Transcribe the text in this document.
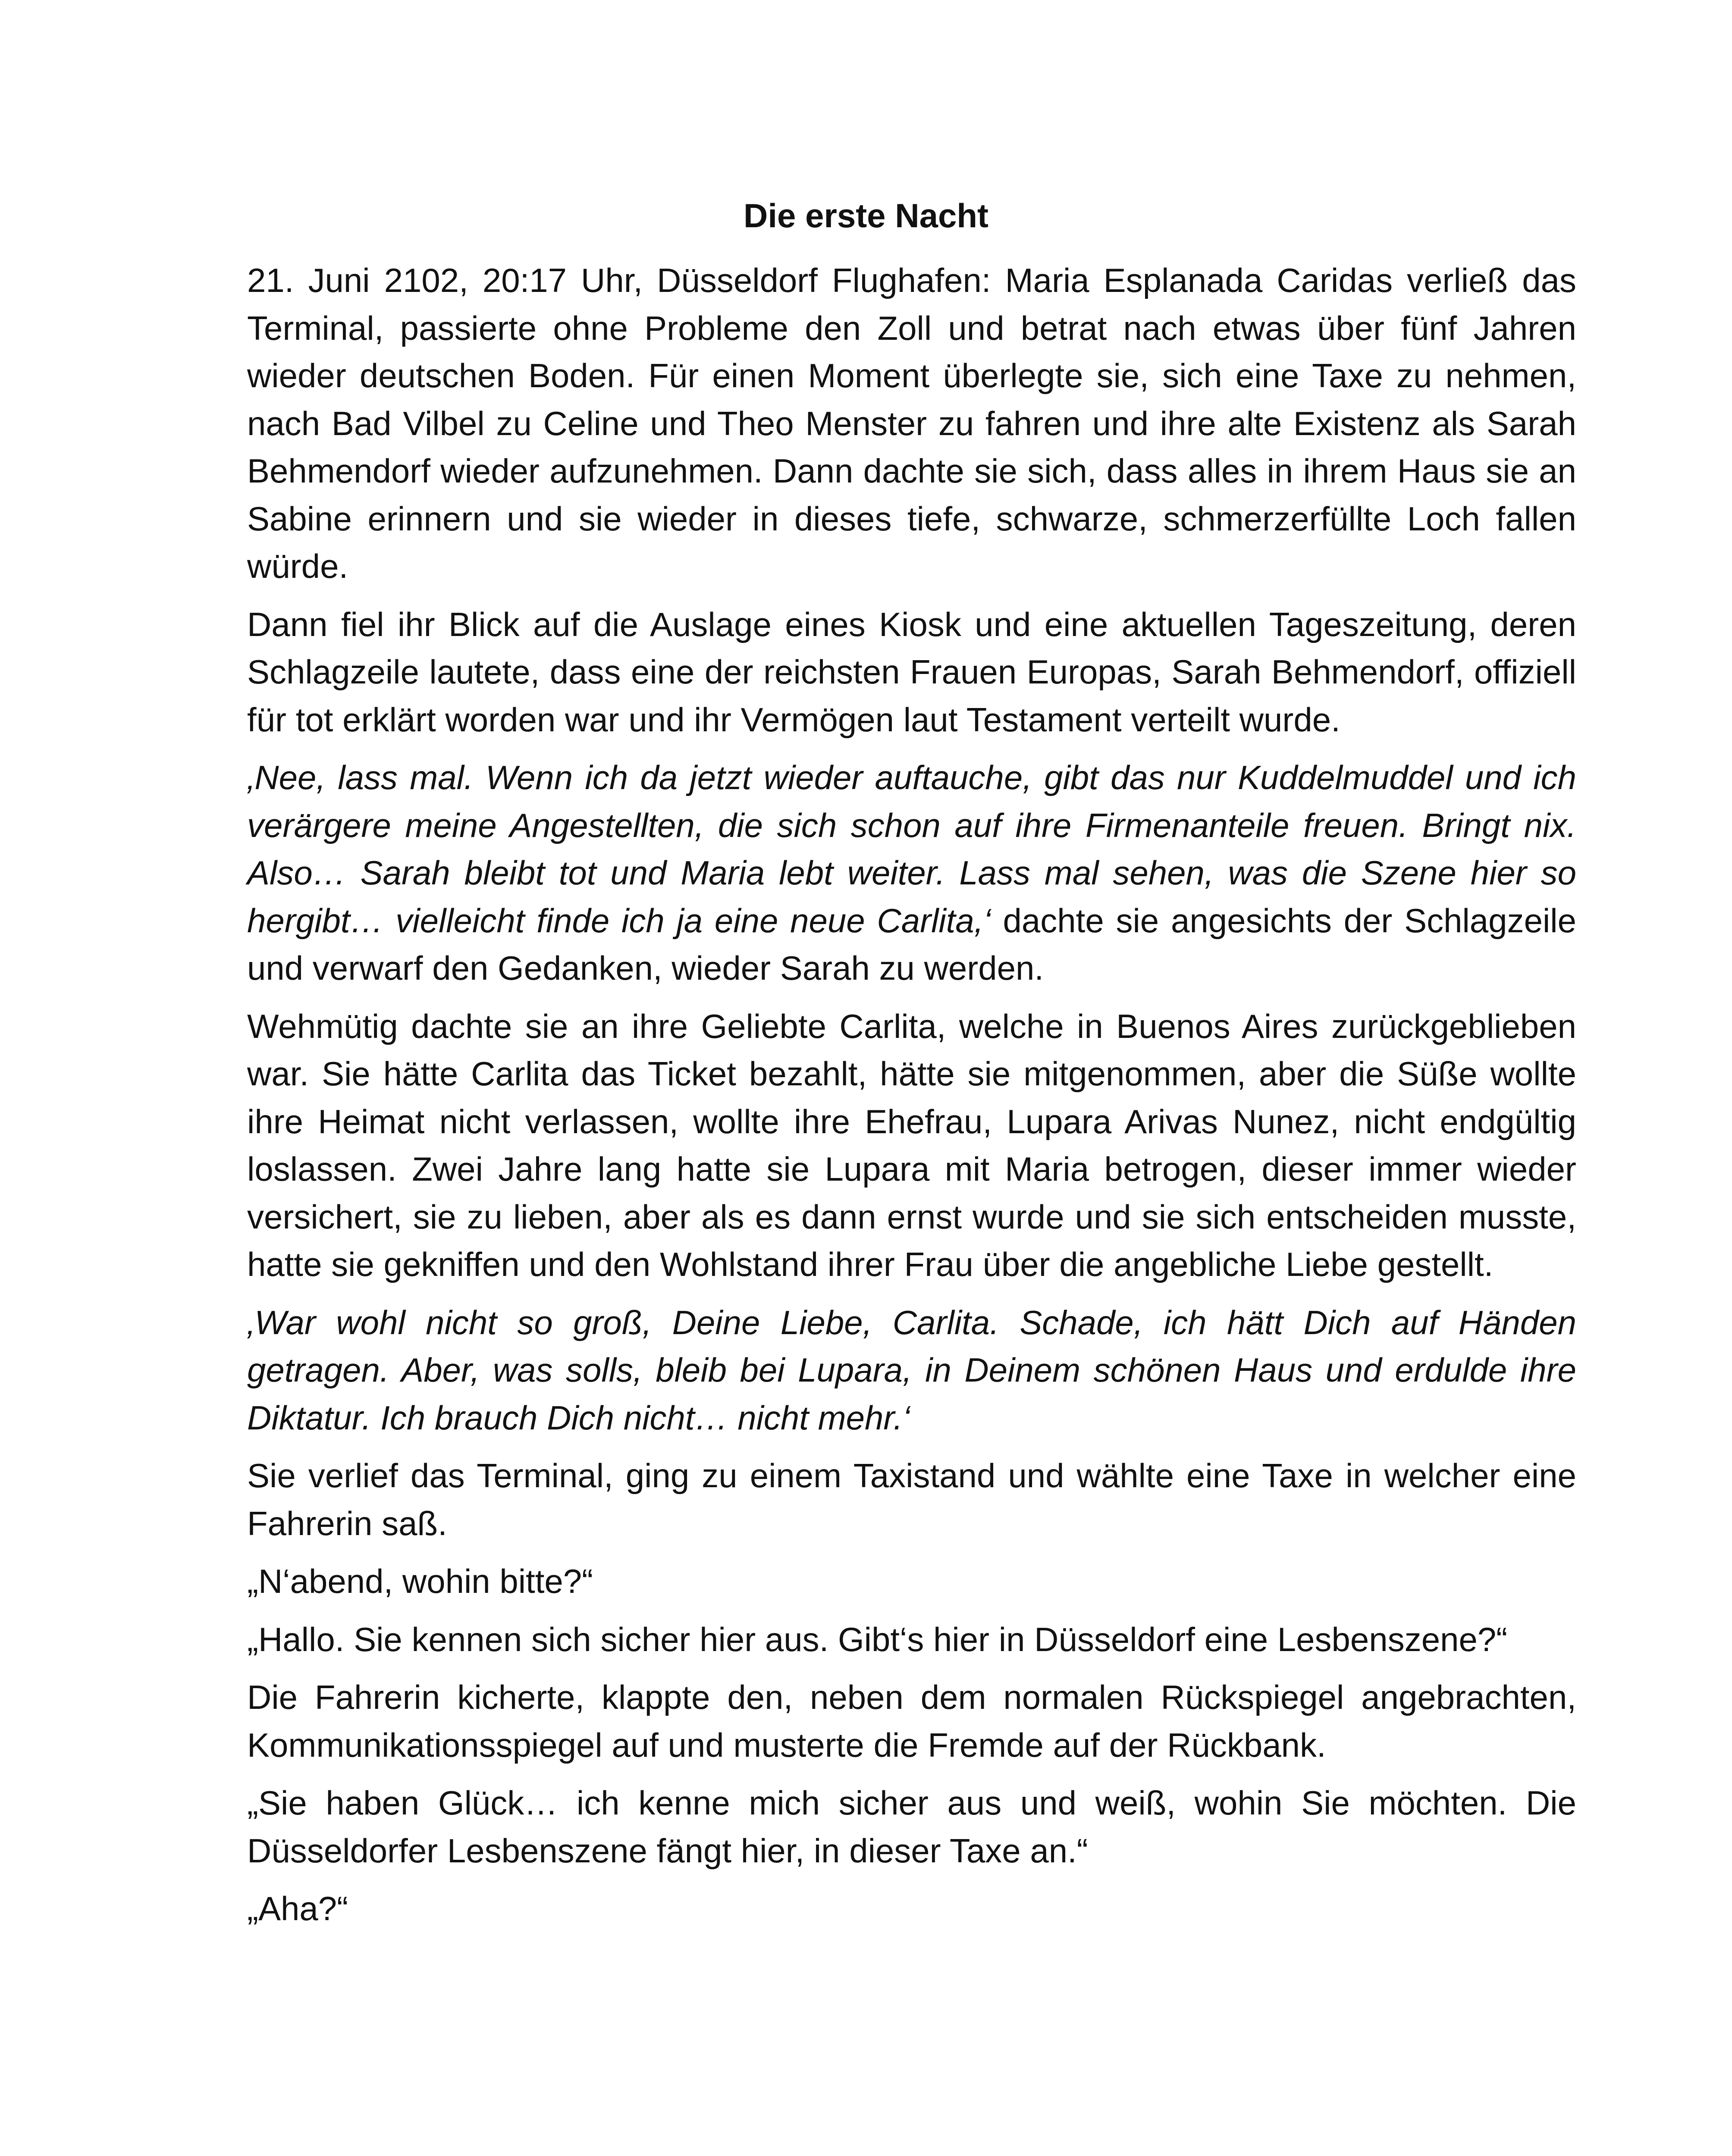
Die erste Nacht

21. Juni 2102, 20:17 Uhr, Düsseldorf Flughafen: Maria Esplanada Caridas verließ das Terminal, passierte ohne Probleme den Zoll und betrat nach etwas über fünf Jahren wieder deutschen Boden. Für einen Moment überlegte sie, sich eine Taxe zu nehmen, nach Bad Vilbel zu Celine und Theo Menster zu fahren und ihre alte Existenz als Sarah Behmendorf wieder aufzunehmen. Dann dachte sie sich, dass alles in ihrem Haus sie an Sabine erinnern und sie wieder in dieses tiefe, schwarze, schmerzerfüllte Loch fallen würde.

Dann fiel ihr Blick auf die Auslage eines Kiosk und eine aktuellen Tageszeitung, deren Schlagzeile lautete, dass eine der reichsten Frauen Europas, Sarah Behmendorf, offiziell für tot erklärt worden war und ihr Vermögen laut Testament verteilt wurde.

‚Nee, lass mal. Wenn ich da jetzt wieder auftauche, gibt das nur Kuddelmuddel und ich verärgere meine Angestellten, die sich schon auf ihre Firmenanteile freuen. Bringt nix. Also… Sarah bleibt tot und Maria lebt weiter. Lass mal sehen, was die Szene hier so hergibt… vielleicht finde ich ja eine neue Carlita,‘ dachte sie angesichts der Schlagzeile und verwarf den Gedanken, wieder Sarah zu werden.

Wehmütig dachte sie an ihre Geliebte Carlita, welche in Buenos Aires zurückgeblieben war. Sie hätte Carlita das Ticket bezahlt, hätte sie mitgenommen, aber die Süße wollte ihre Heimat nicht verlassen, wollte ihre Ehefrau, Lupara Arivas Nunez, nicht endgültig loslassen. Zwei Jahre lang hatte sie Lupara mit Maria betrogen, dieser immer wieder versichert, sie zu lieben, aber als es dann ernst wurde und sie sich entscheiden musste, hatte sie gekniffen und den Wohlstand ihrer Frau über die angebliche Liebe gestellt.

‚War wohl nicht so groß, Deine Liebe, Carlita. Schade, ich hätt Dich auf Händen getragen. Aber, was solls, bleib bei Lupara, in Deinem schönen Haus und erdulde ihre Diktatur. Ich brauch Dich nicht… nicht mehr.‘

Sie verlief das Terminal, ging zu einem Taxistand und wählte eine Taxe in welcher eine Fahrerin saß.

„N‘abend, wohin bitte?“

„Hallo. Sie kennen sich sicher hier aus. Gibt‘s hier in Düsseldorf eine Lesbenszene?“

Die Fahrerin kicherte, klappte den, neben dem normalen Rückspiegel angebrachten, Kommunikationsspiegel auf und musterte die Fremde auf der Rückbank.

„Sie haben Glück… ich kenne mich sicher aus und weiß, wohin Sie möchten. Die Düsseldorfer Lesbenszene fängt hier, in dieser Taxe an.“

„Aha?“
